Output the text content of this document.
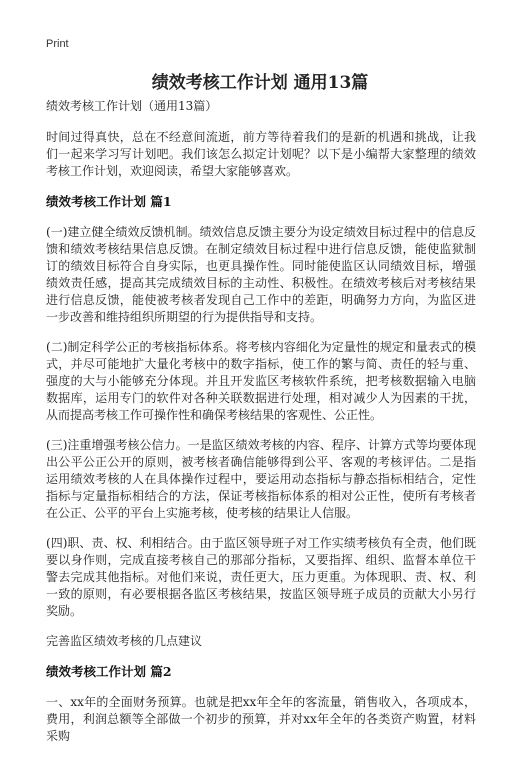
Print
绩效考核工作计划 通用13篇

绩效考核工作计划（通用13篇）

时间过得真快，总在不经意间流逝，前方等待着我们的是新的机遇和挑战，让我们一起来学习写计划吧。我们该怎么拟定计划呢？以下是小编帮大家整理的绩效考核工作计划，欢迎阅读，希望大家能够喜欢。

绩效考核工作计划 篇1

(一)建立健全绩效反馈机制。绩效信息反馈主要分为设定绩效目标过程中的信息反馈和绩效考核结果信息反馈。在制定绩效目标过程中进行信息反馈，能使监狱制订的绩效目标符合自身实际，也更具操作性。同时能使监区认同绩效目标，增强绩效责任感，提高其完成绩效目标的主动性、积极性。在绩效考核后对考核结果进行信息反馈，能使被考核者发现自己工作中的差距，明确努力方向，为监区进一步改善和维持组织所期望的行为提供指导和支持。

(二)制定科学公正的考核指标体系。将考核内容细化为定量性的规定和量表式的模式，并尽可能地扩大量化考核中的数字指标，使工作的繁与简、责任的轻与重、强度的大与小能够充分体现。并且开发监区考核软件系统，把考核数据输入电脑数据库，运用专门的软件对各种关联数据进行处理，相对减少人为因素的干扰，从而提高考核工作可操作性和确保考核结果的客观性、公正性。

(三)注重增强考核公信力。一是监区绩效考核的内容、程序、计算方式等均要体现出公平公正公开的原则，被考核者确信能够得到公平、客观的考核评估。二是指运用绩效考核的人在具体操作过程中，要运用动态指标与静态指标相结合，定性指标与定量指标相结合的方法，保证考核指标体系的相对公正性，使所有考核者在公正、公平的平台上实施考核，使考核的结果让人信服。

(四)职、责、权、利相结合。由于监区领导班子对工作实绩考核负有全责，他们既要以身作则，完成直接考核自己的那部分指标，又要指挥、组织、监督本单位干警去完成其他指标。对他们来说，责任更大，压力更重。为体现职、责、权、利一致的原则，有必要根据各监区考核结果，按监区领导班子成员的贡献大小另行奖励。

完善监区绩效考核的几点建议

绩效考核工作计划 篇2

一、xx年的全面财务预算。也就是把xx年全年的客流量，销售收入，各项成本，费用，利润总额等全部做一个初步的预算，并对xx年全年的各类资产购置，材料采购
